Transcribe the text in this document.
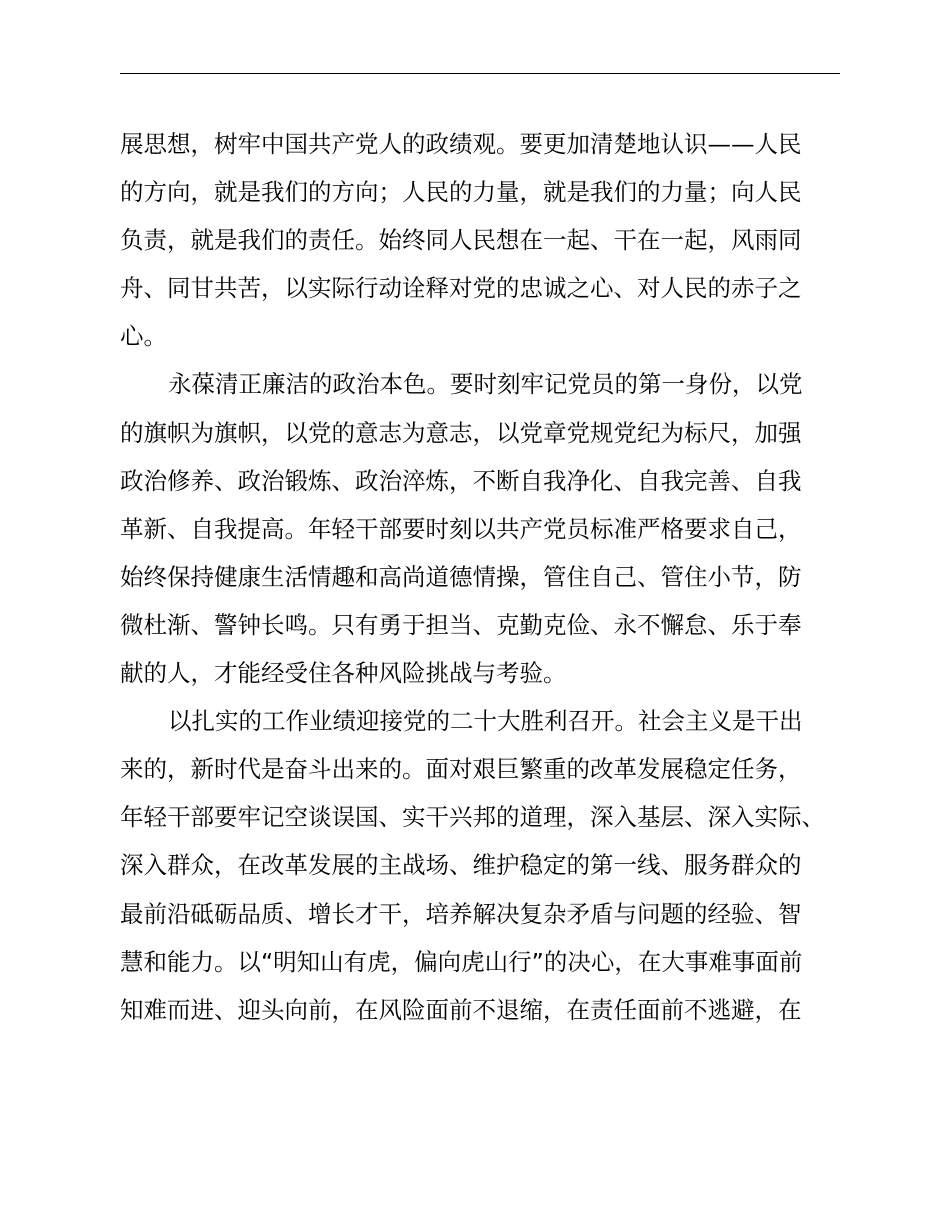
展思想，树牢中国共产党人的政绩观。要更加清楚地认识——人民
的方向，就是我们的方向；人民的力量，就是我们的力量；向人民
负责，就是我们的责任。始终同人民想在一起、干在一起，风雨同
舟、同甘共苦，以实际行动诠释对党的忠诚之心、对人民的赤子之
心。
永葆清正廉洁的政治本色。要时刻牢记党员的第一身份，以党
的旗帜为旗帜，以党的意志为意志，以党章党规党纪为标尺，加强
政治修养、政治锻炼、政治淬炼，不断自我净化、自我完善、自我
革新、自我提高。年轻干部要时刻以共产党员标准严格要求自己，
始终保持健康生活情趣和高尚道德情操，管住自己、管住小节，防
微杜渐、警钟长鸣。只有勇于担当、克勤克俭、永不懈怠、乐于奉
献的人，才能经受住各种风险挑战与考验。
以扎实的工作业绩迎接党的二十大胜利召开。社会主义是干出
来的，新时代是奋斗出来的。面对艰巨繁重的改革发展稳定任务，
年轻干部要牢记空谈误国、实干兴邦的道理，深入基层、深入实际、
深入群众，在改革发展的主战场、维护稳定的第一线、服务群众的
最前沿砥砺品质、增长才干，培养解决复杂矛盾与问题的经验、智
慧和能力。以“明知山有虎，偏向虎山行”的决心，在大事难事面前
知难而进、迎头向前，在风险面前不退缩，在责任面前不逃避，在
